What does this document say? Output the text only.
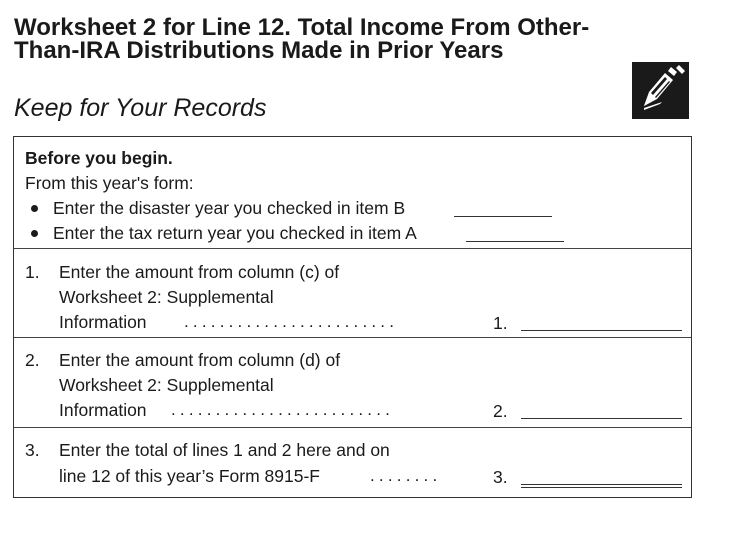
Worksheet 2 for Line 12. Total Income From Other-Than-IRA Distributions Made in Prior Years
Keep for Your Records
Before you begin.
From this year's form:
Enter the disaster year you checked in item B
Enter the tax return year you checked in item A
1. Enter the amount from column (c) of
Worksheet 2: Supplemental
Information ........................	1.
2. Enter the amount from column (d) of
Worksheet 2: Supplemental
Information .........................	2.
3. Enter the total of lines 1 and 2 here and on
line 12 of this year’s Form 8915-F	........	3.
